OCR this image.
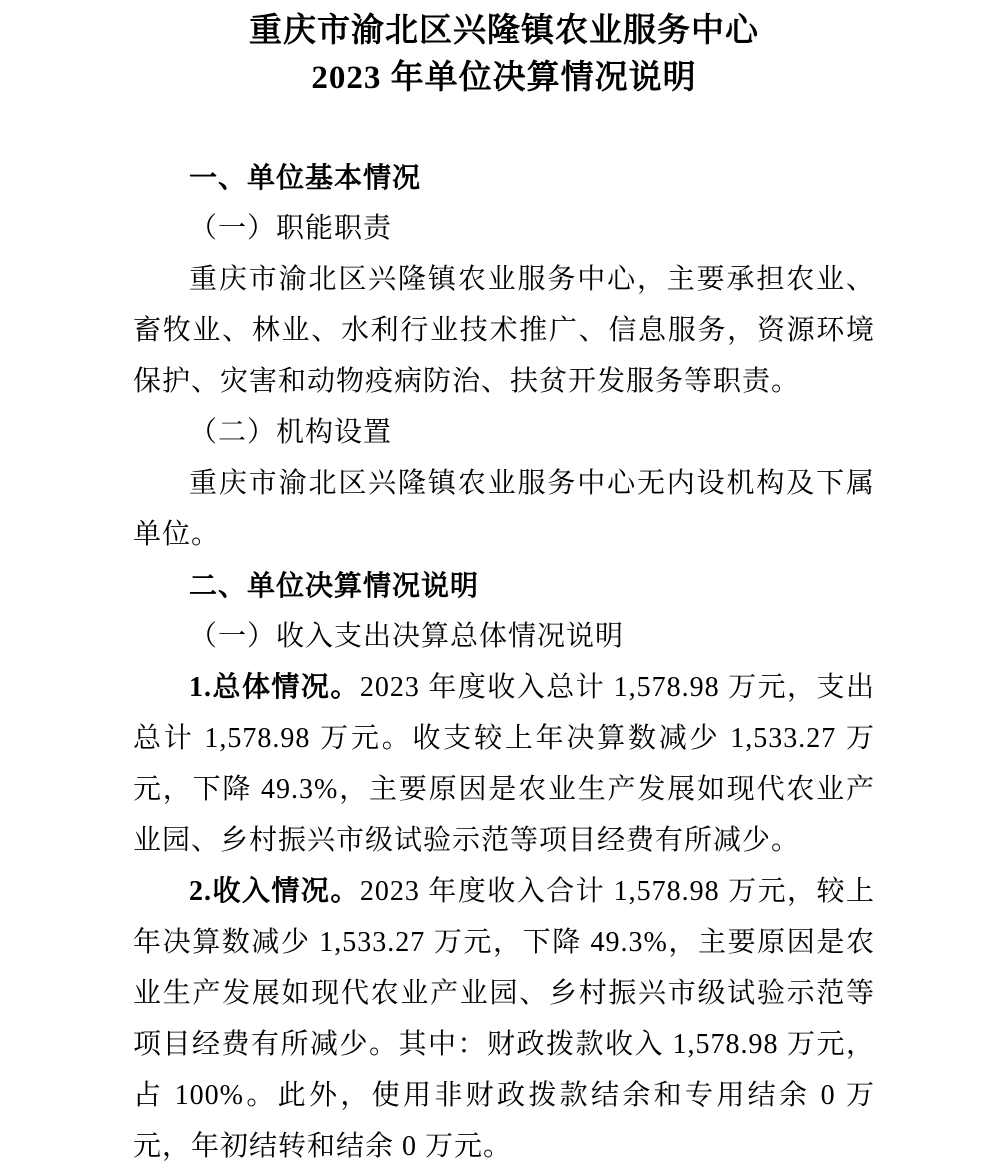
重庆市渝北区兴隆镇农业服务中心
2023 年单位决算情况说明

一、单位基本情况

（一）职能职责

重庆市渝北区兴隆镇农业服务中心，主要承担农业、畜牧业、林业、水利行业技术推广、信息服务，资源环境保护、灾害和动物疫病防治、扶贫开发服务等职责。

（二）机构设置

重庆市渝北区兴隆镇农业服务中心无内设机构及下属单位。

二、单位决算情况说明

（一）收入支出决算总体情况说明

1.总体情况。2023 年度收入总计 1,578.98 万元，支出总计 1,578.98 万元。收支较上年决算数减少 1,533.27 万元，下降 49.3%，主要原因是农业生产发展如现代农业产业园、乡村振兴市级试验示范等项目经费有所减少。

2.收入情况。2023 年度收入合计 1,578.98 万元，较上年决算数减少 1,533.27 万元，下降 49.3%，主要原因是农业生产发展如现代农业产业园、乡村振兴市级试验示范等项目经费有所减少。其中：财政拨款收入 1,578.98 万元，占 100%。此外，使用非财政拨款结余和专用结余 0 万元，年初结转和结余 0 万元。
